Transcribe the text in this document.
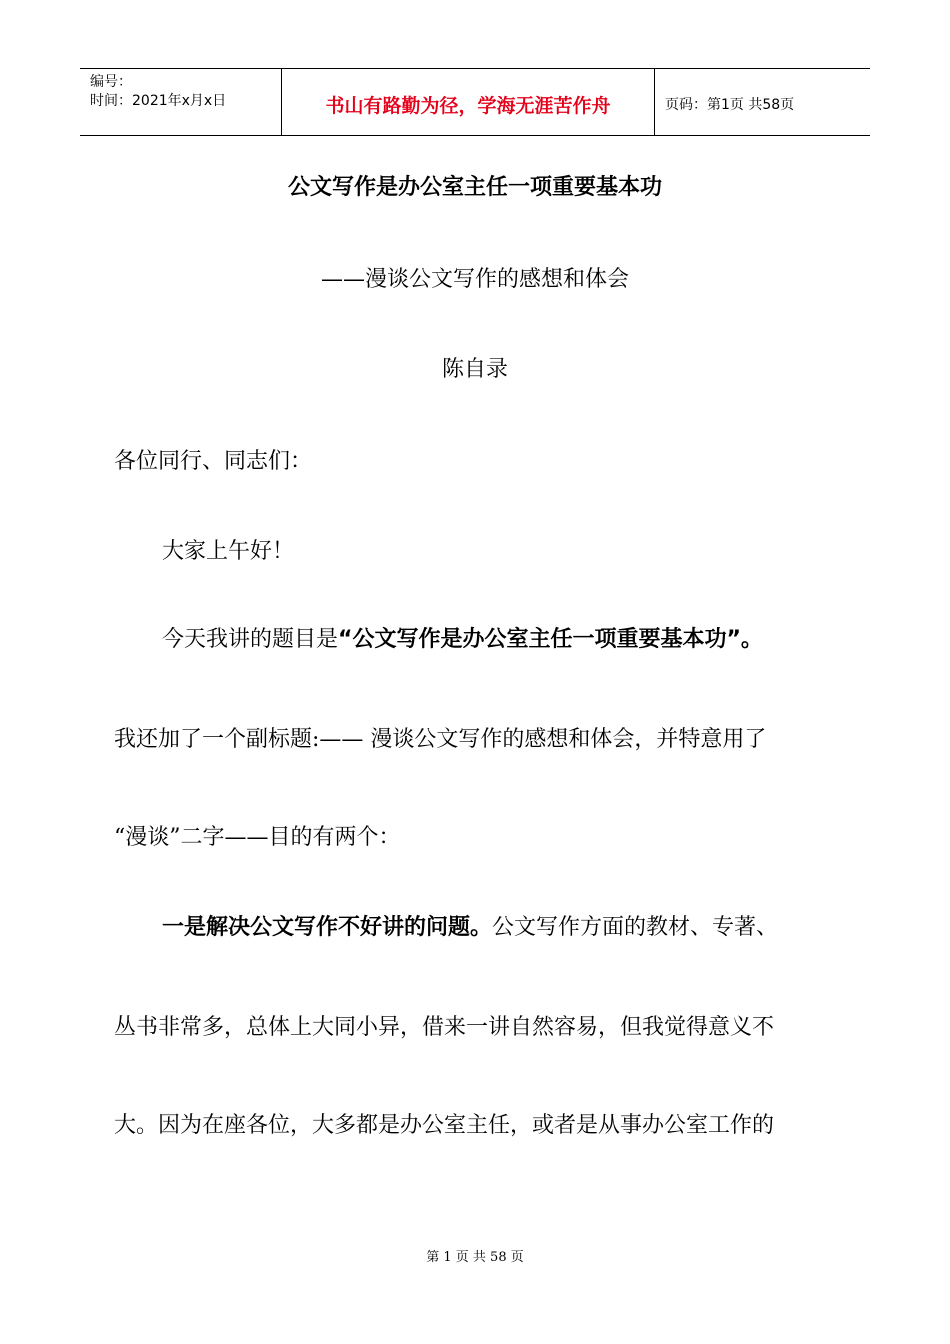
编号：
时间：2021年x月x日	书山有路勤为径，学海无涯苦作舟	页码：第1页 共58页
公文写作是办公室主任一项重要基本功
——漫谈公文写作的感想和体会
陈自录
各位同行、同志们：
大家上午好！
今天我讲的题目是“公文写作是办公室主任一项重要基本功”。
我还加了一个副标题:—— 漫谈公文写作的感想和体会，并特意用了
“漫谈”二字——目的有两个：
一是解决公文写作不好讲的问题。公文写作方面的教材、专著、
丛书非常多，总体上大同小异，借来一讲自然容易，但我觉得意义不
大。因为在座各位，大多都是办公室主任，或者是从事办公室工作的
第 1 页 共 58 页
